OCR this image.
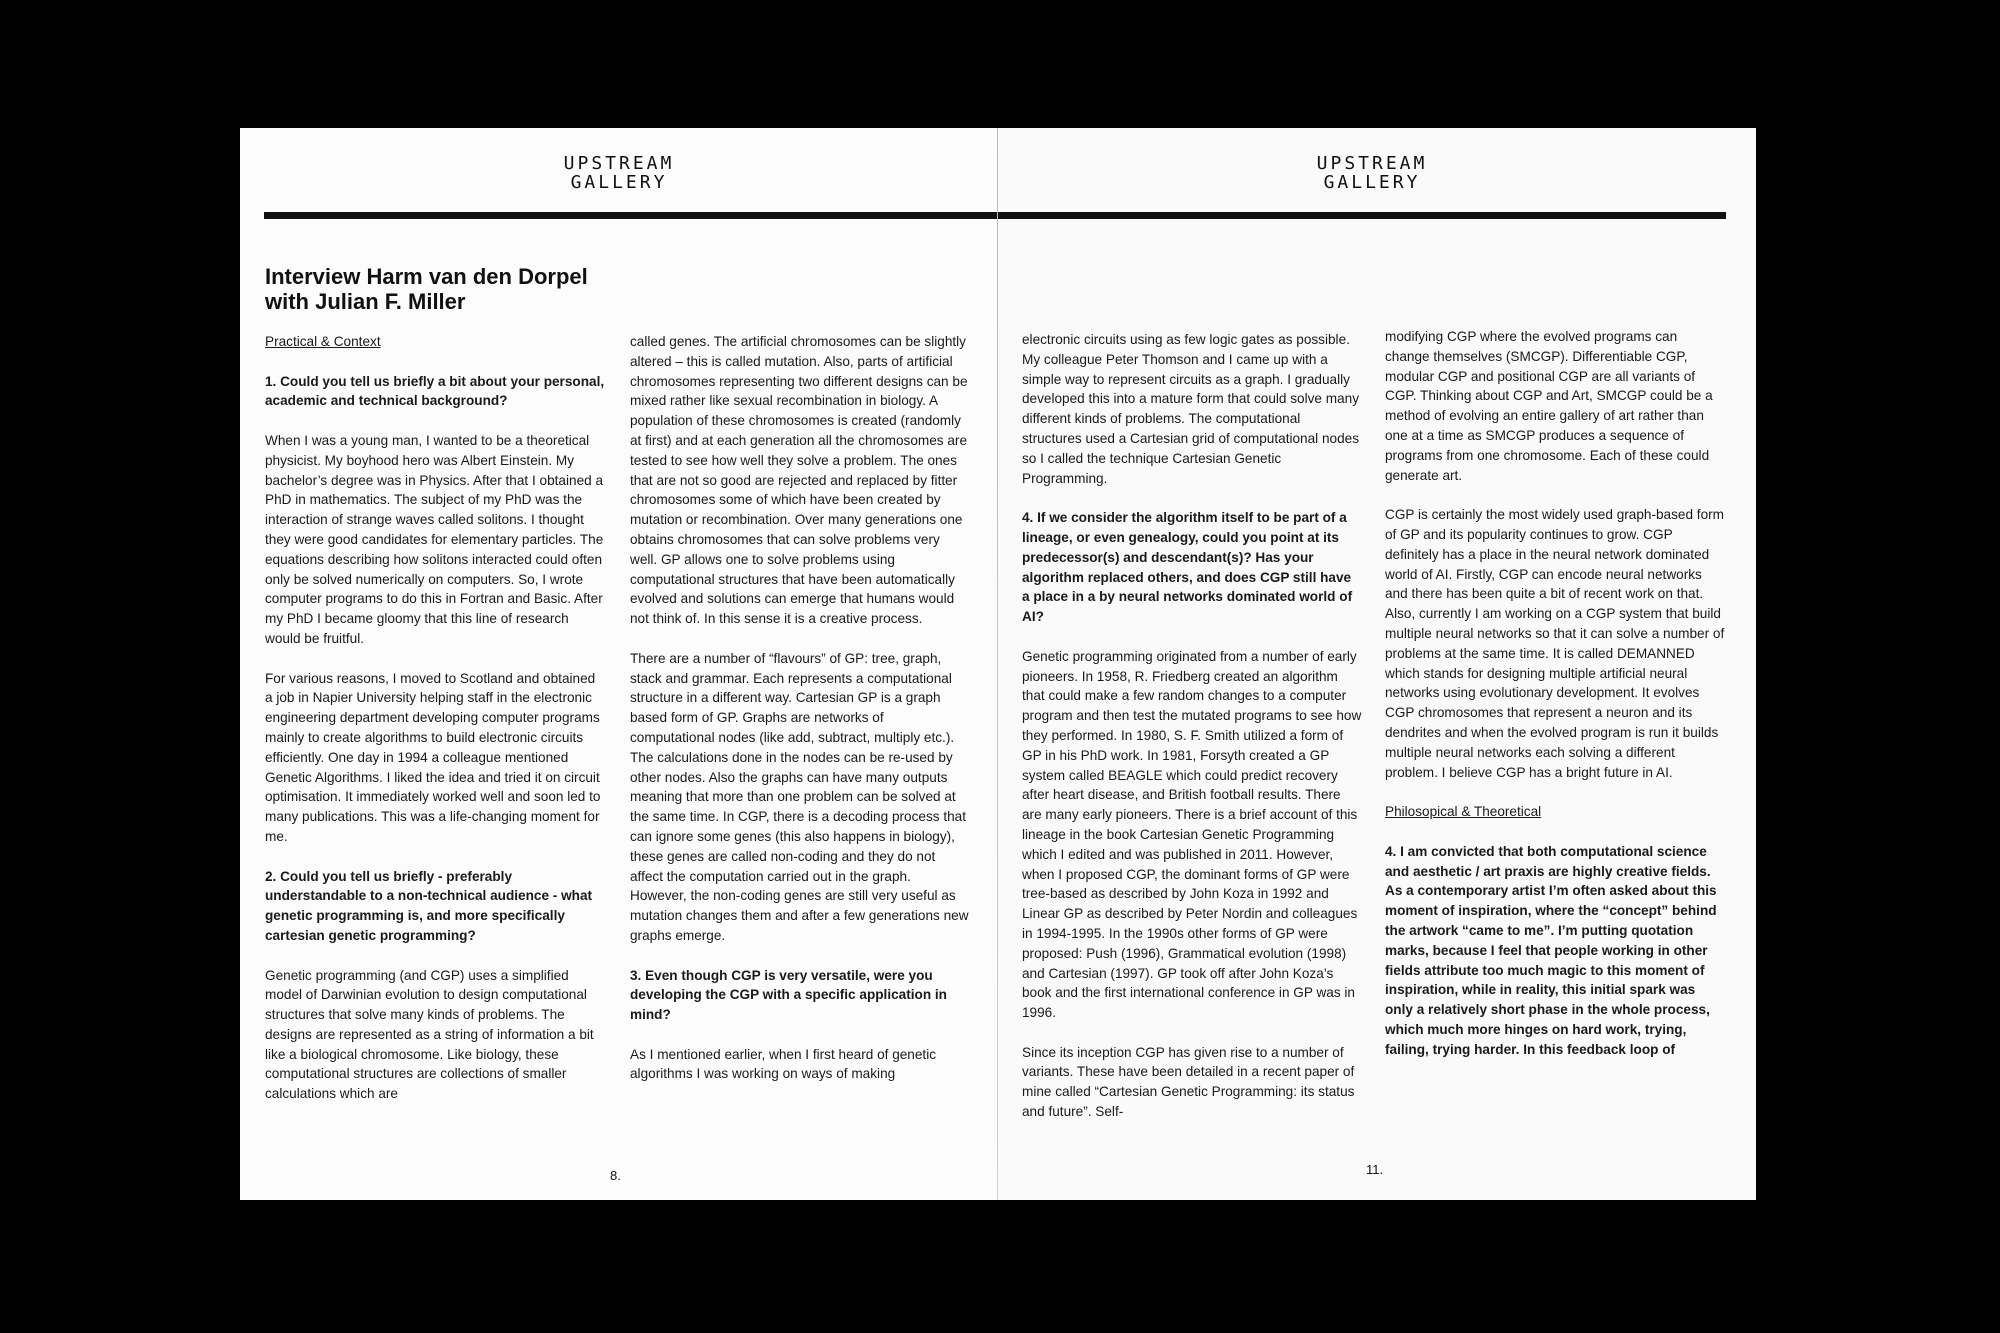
UPSTREAM
GALLERY
Interview Harm van den Dorpel
with Julian F. Miller

Practical & Context

1. Could you tell us briefly a bit about your personal, academic and technical background?

When I was a young man, I wanted to be a theoretical physicist. My boyhood hero was Albert Einstein. My bachelor’s degree was in Physics. After that I obtained a PhD in mathematics. The subject of my PhD was the interaction of strange waves called solitons. I thought they were good candidates for elementary particles. The equations describing how solitons interacted could often only be solved numerically on computers. So, I wrote computer programs to do this in Fortran and Basic. After my PhD I became gloomy that this line of research would be fruitful.

For various reasons, I moved to Scotland and obtained a job in Napier University helping staff in the electronic engineering department developing computer programs mainly to create algorithms to build electronic circuits efficiently. One day in 1994 a colleague mentioned Genetic Algorithms. I liked the idea and tried it on circuit optimisation. It immediately worked well and soon led to many publications. This was a life-changing moment for me.

2. Could you tell us briefly - preferably understandable to a non-technical audience - what genetic programming is, and more specifically cartesian genetic programming?

Genetic programming (and CGP) uses a simplified model of Darwinian evolution to design computational structures that solve many kinds of problems. The designs are represented as a string of information a bit like a biological chromosome. Like biology, these computational structures are collections of smaller calculations which are

called genes. The artificial chromosomes can be slightly altered – this is called mutation. Also, parts of artificial chromosomes representing two different designs can be mixed rather like sexual recombination in biology. A population of these chromosomes is created (randomly at first) and at each generation all the chromosomes are tested to see how well they solve a problem. The ones that are not so good are rejected and replaced by fitter chromosomes some of which have been created by mutation or recombination. Over many generations one obtains chromosomes that can solve problems very well. GP allows one to solve problems using computational structures that have been automatically evolved and solutions can emerge that humans would not think of. In this sense it is a creative process.

There are a number of “flavours” of GP: tree, graph, stack and grammar. Each represents a computational structure in a different way. Cartesian GP is a graph based form of GP. Graphs are networks of computational nodes (like add, subtract, multiply etc.). The calculations done in the nodes can be re-used by other nodes. Also the graphs can have many outputs meaning that more than one problem can be solved at the same time. In CGP, there is a decoding process that can ignore some genes (this also happens in biology), these genes are called non-coding and they do not affect the computation carried out in the graph. However, the non-coding genes are still very useful as mutation changes them and after a few generations new graphs emerge.

3. Even though CGP is very versatile, were you developing the CGP with a specific application in mind?

As I mentioned earlier, when I first heard of genetic algorithms I was working on ways of making

8.
UPSTREAM
GALLERY

electronic circuits using as few logic gates as possible. My colleague Peter Thomson and I came up with a simple way to represent circuits as a graph. I gradually developed this into a mature form that could solve many different kinds of problems. The computational structures used a Cartesian grid of computational nodes so I called the technique Cartesian Genetic Programming.

4. If we consider the algorithm itself to be part of a lineage, or even genealogy, could you point at its predecessor(s) and descendant(s)? Has your algorithm replaced others, and does CGP still have a place in a by neural networks dominated world of AI?

Genetic programming originated from a number of early pioneers. In 1958, R. Friedberg created an algorithm that could make a few random changes to a computer program and then test the mutated programs to see how they performed. In 1980, S. F. Smith utilized a form of GP in his PhD work. In 1981, Forsyth created a GP system called BEAGLE which could predict recovery after heart disease, and British football results. There are many early pioneers. There is a brief account of this lineage in the book Cartesian Genetic Programming which I edited and was published in 2011. However, when I proposed CGP, the dominant forms of GP were tree-based as described by John Koza in 1992 and Linear GP as described by Peter Nordin and colleagues in 1994-1995. In the 1990s other forms of GP were proposed: Push (1996), Grammatical evolution (1998) and Cartesian (1997). GP took off after John Koza’s book and the first international conference in GP was in 1996.

Since its inception CGP has given rise to a number of variants. These have been detailed in a recent paper of mine called “Cartesian Genetic Programming: its status and future”. Self-

modifying CGP where the evolved programs can change themselves (SMCGP). Differentiable CGP, modular CGP and positional CGP are all variants of CGP. Thinking about CGP and Art, SMCGP could be a method of evolving an entire gallery of art rather than one at a time as SMCGP produces a sequence of programs from one chromosome. Each of these could generate art.

CGP is certainly the most widely used graph-based form of GP and its popularity continues to grow. CGP definitely has a place in the neural network dominated world of AI. Firstly, CGP can encode neural networks and there has been quite a bit of recent work on that. Also, currently I am working on a CGP system that build multiple neural networks so that it can solve a number of problems at the same time. It is called DEMANNED which stands for designing multiple artificial neural networks using evolutionary development. It evolves CGP chromosomes that represent a neuron and its dendrites and when the evolved program is run it builds multiple neural networks each solving a different problem. I believe CGP has a bright future in AI.

Philosopical & Theoretical

4. I am convicted that both computational science and aesthetic / art praxis are highly creative fields.

As a contemporary artist I’m often asked about this moment of inspiration, where the “concept” behind the artwork “came to me”. I’m putting quotation marks, because I feel that people working in other fields attribute too much magic to this moment of inspiration, while in reality, this initial spark was only a relatively short phase in the whole process, which much more hinges on hard work, trying, failing, trying harder. In this feedback loop of

11.
